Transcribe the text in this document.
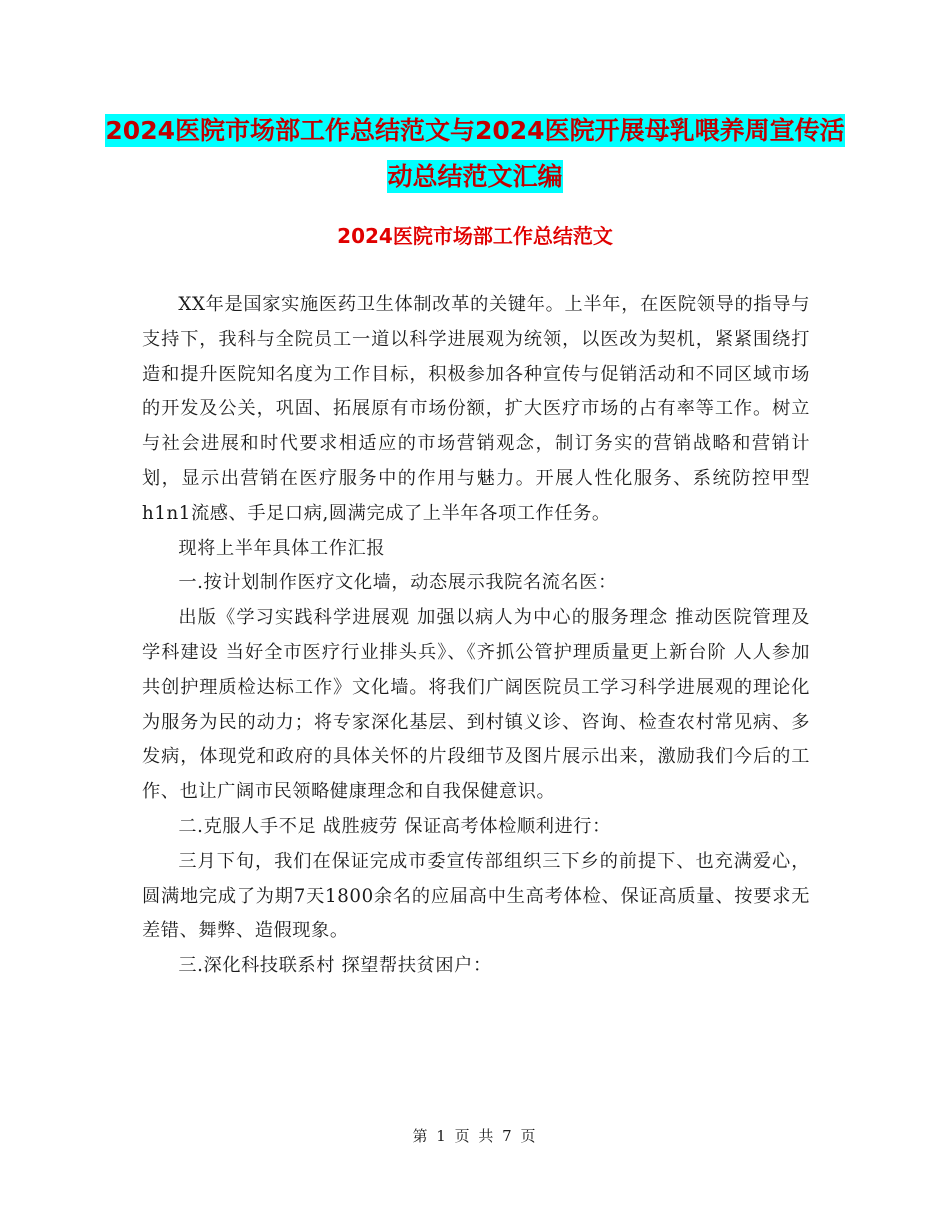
2024医院市场部工作总结范文与2024医院开展母乳喂养周宣传活动总结范文汇编
2024医院市场部工作总结范文

XX年是国家实施医药卫生体制改革的关键年。上半年，在医院领导的指导与支持下，我科与全院员工一道以科学进展观为统领，以医改为契机，紧紧围绕打造和提升医院知名度为工作目标，积极参加各种宣传与促销活动和不同区域市场的开发及公关，巩固、拓展原有市场份额，扩大医疗市场的占有率等工作。树立与社会进展和时代要求相适应的市场营销观念，制订务实的营销战略和营销计划，显示出营销在医疗服务中的作用与魅力。开展人性化服务、系统防控甲型h1n1流感、手足口病,圆满完成了上半年各项工作任务。

现将上半年具体工作汇报

一.按计划制作医疗文化墙，动态展示我院名流名医：

出版《学习实践科学进展观 加强以病人为中心的服务理念 推动医院管理及学科建设 当好全市医疗行业排头兵》、《齐抓公管护理质量更上新台阶 人人参加共创护理质检达标工作》文化墙。将我们广阔医院员工学习科学进展观的理论化为服务为民的动力；将专家深化基层、到村镇义诊、咨询、检查农村常见病、多发病，体现党和政府的具体关怀的片段细节及图片展示出来，激励我们今后的工作、也让广阔市民领略健康理念和自我保健意识。

二.克服人手不足 战胜疲劳 保证高考体检顺利进行：

三月下旬，我们在保证完成市委宣传部组织三下乡的前提下、也充满爱心，圆满地完成了为期7天1800余名的应届高中生高考体检、保证高质量、按要求无差错、舞弊、造假现象。

三.深化科技联系村 探望帮扶贫困户：

第 1 页 共 7 页
